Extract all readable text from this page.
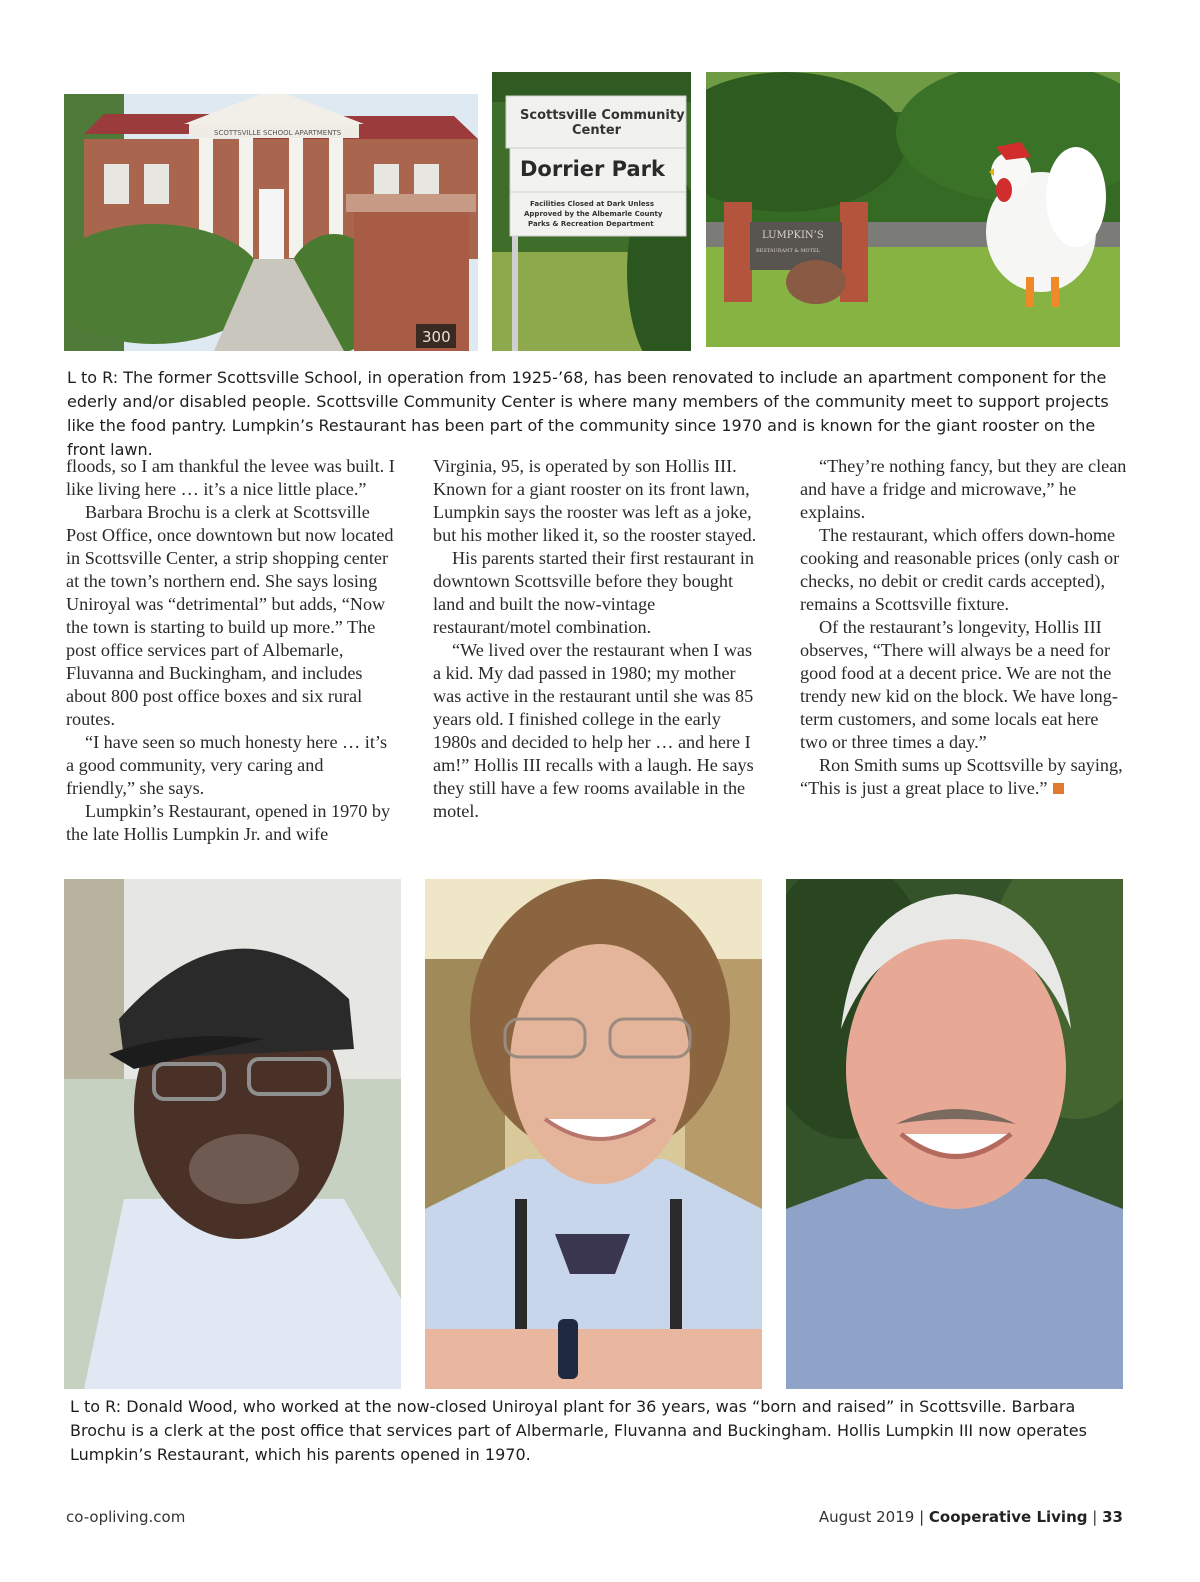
SCOTTSVILLE SCHOOL APARTMENTS
300
Scottsville Community
Center
Dorrier Park
Facilities Closed at Dark Unless
Approved by the Albemarle County
Parks & Recreation Department
LUMPKIN’S
RESTAURANT & MOTEL

L to R: The former Scottsville School, in operation from 1925-’68, has been renovated to include an apartment component for the ederly and/or disabled people. Scottsville Community Center is where many members of the community meet to support projects like the food pantry. Lumpkin’s Restaurant has been part of the community since 1970 and is known for the giant rooster on the front lawn.

floods, so I am thankful the levee was built. I like living here … it’s a nice little place.”

Barbara Brochu is a clerk at Scottsville Post Office, once downtown but now located in Scottsville Center, a strip shopping center at the town’s northern end. She says losing Uniroyal was “detrimental” but adds, “Now the town is starting to build up more.” The post office services part of Albemarle, Fluvanna and Buckingham, and includes about 800 post office boxes and six rural routes.

“I have seen so much honesty here … it’s a good community, very caring and friendly,” she says.

Lumpkin’s Restaurant, opened in 1970 by the late Hollis Lumpkin Jr. and wife

Virginia, 95, is operated by son Hollis III. Known for a giant rooster on its front lawn, Lumpkin says the rooster was left as a joke, but his mother liked it, so the rooster stayed.

His parents started their first restaurant in downtown Scottsville before they bought land and built the now-vintage restaurant/motel combination.

“We lived over the restaurant when I was a kid. My dad passed in 1980; my mother was active in the restaurant until she was 85 years old. I finished college in the early 1980s and decided to help her … and here I am!” Hollis III recalls with a laugh. He says they still have a few rooms available in the motel.

“They’re nothing fancy, but they are clean and have a fridge and microwave,” he explains.

The restaurant, which offers down-home cooking and reasonable prices (only cash or checks, no debit or credit cards accepted), remains a Scottsville fixture.

Of the restaurant’s longevity, Hollis III observes, “There will always be a need for good food at a decent price. We are not the trendy new kid on the block. We have long-term customers, and some locals eat here two or three times a day.”

Ron Smith sums up Scottsville by saying, “This is just a great place to live.”

L to R: Donald Wood, who worked at the now-closed Uniroyal plant for 36 years, was “born and raised” in Scottsville. Barbara Brochu is a clerk at the post office that services part of Albermarle, Fluvanna and Buckingham. Hollis Lumpkin III now operates Lumpkin’s Restaurant, which his parents opened in 1970.

co-opliving.com	August 2019 | Cooperative Living | 33
